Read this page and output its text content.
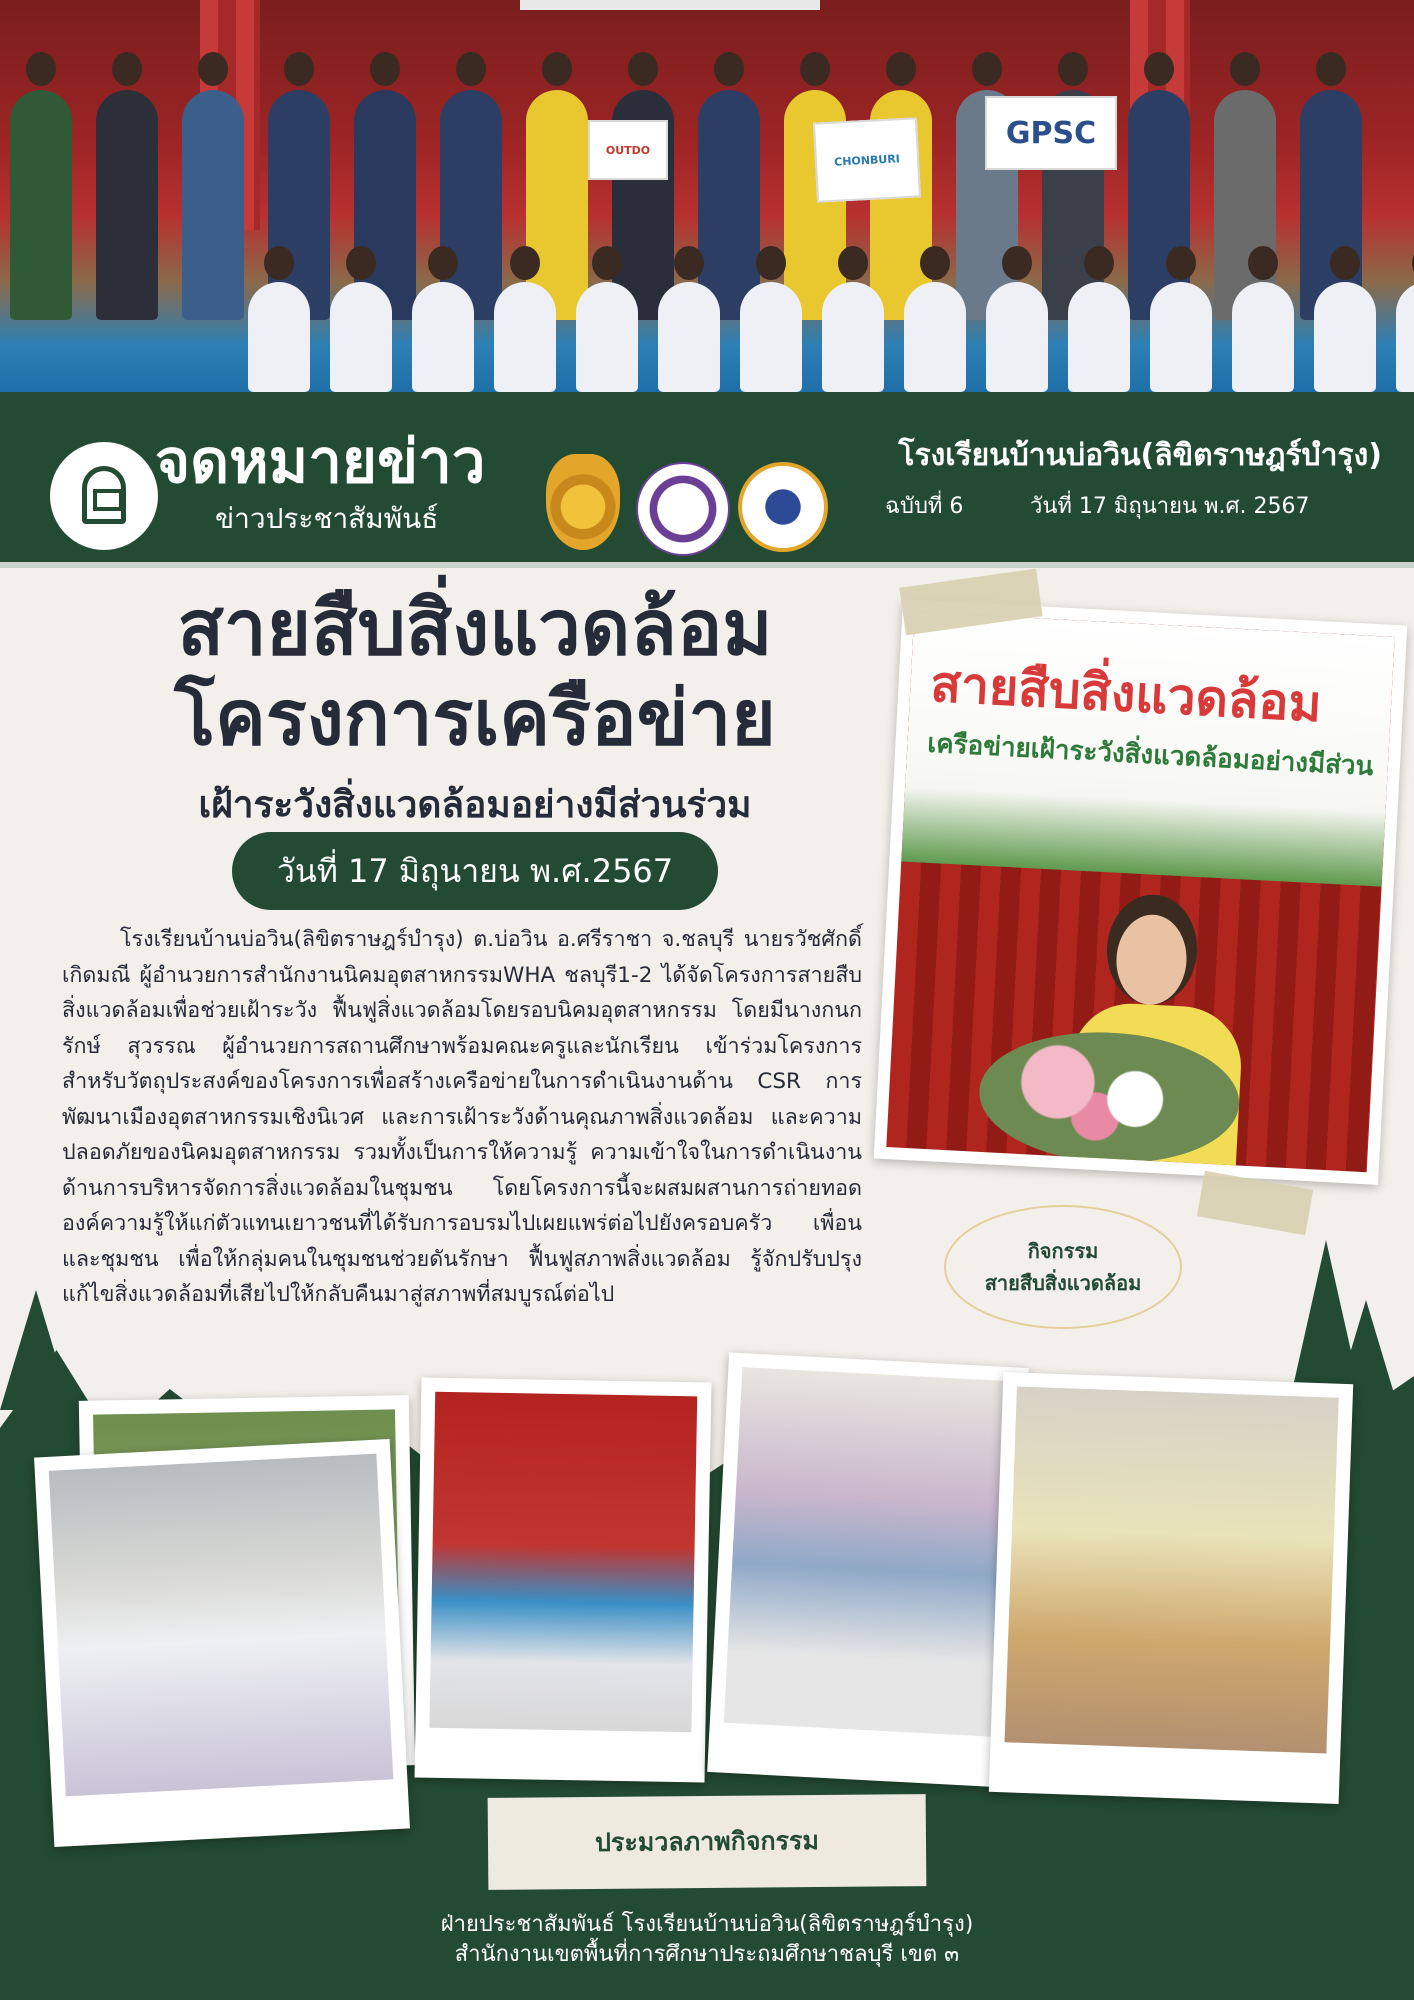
OUTDO
CHONBURI
GPSC
จดหมายข่าว
ข่าวประชาสัมพันธ์
โรงเรียนบ้านบ่อวิน(ลิขิตราษฎร์บำรุง)
ฉบับที่ 6	วันที่ 17 มิถุนายน พ.ศ. 2567
สายสืบสิ่งแวดล้อม
โครงการเครือข่าย
เฝ้าระวังสิ่งแวดล้อมอย่างมีส่วนร่วม
วันที่ 17 มิถุนายน พ.ศ.2567
โรงเรียนบ้านบ่อวิน(ลิขิตราษฎร์บำรุง) ต.บ่อวิน อ.ศรีราชา จ.ชลบุรี นายรวัชศักดิ์ เกิดมณี ผู้อำนวยการสำนักงานนิคมอุตสาหกรรมWHA ชลบุรี1-2 ได้จัดโครงการสายสืบสิ่งแวดล้อมเพื่อช่วยเฝ้าระวัง ฟื้นฟูสิ่งแวดล้อมโดยรอบนิคมอุตสาหกรรม โดยมีนางกนกรักษ์ สุวรรณ ผู้อำนวยการสถานศึกษาพร้อมคณะครูและนักเรียน เข้าร่วมโครงการ สำหรับวัตถุประสงค์ของโครงการเพื่อสร้างเครือข่ายในการดำเนินงานด้าน CSR การพัฒนาเมืองอุตสาหกรรมเชิงนิเวศ และการเฝ้าระวังด้านคุณภาพสิ่งแวดล้อม และความปลอดภัยของนิคมอุตสาหกรรม รวมทั้งเป็นการให้ความรู้ ความเข้าใจในการดำเนินงานด้านการบริหารจัดการสิ่งแวดล้อมในชุมชน โดยโครงการนี้จะผสมผสานการถ่ายทอดองค์ความรู้ให้แก่ตัวแทนเยาวชนที่ได้รับการอบรมไปเผยแพร่ต่อไปยังครอบครัว เพื่อน และชุมชน เพื่อให้กลุ่มคนในชุมชนช่วยดันรักษา ฟื้นฟูสภาพสิ่งแวดล้อม รู้จักปรับปรุงแก้ไขสิ่งแวดล้อมที่เสียไปให้กลับคืนมาสู่สภาพที่สมบูรณ์ต่อไป
สายสืบสิ่งแวดล้อม
เครือข่ายเฝ้าระวังสิ่งแวดล้อมอย่างมีส่วน
กิจกรรม
สายสืบสิ่งแวดล้อม
ประมวลภาพกิจกรรม
ฝ่ายประชาสัมพันธ์ โรงเรียนบ้านบ่อวิน(ลิขิตราษฎร์บำรุง)
สำนักงานเขตพื้นที่การศึกษาประถมศึกษาชลบุรี เขต ๓
